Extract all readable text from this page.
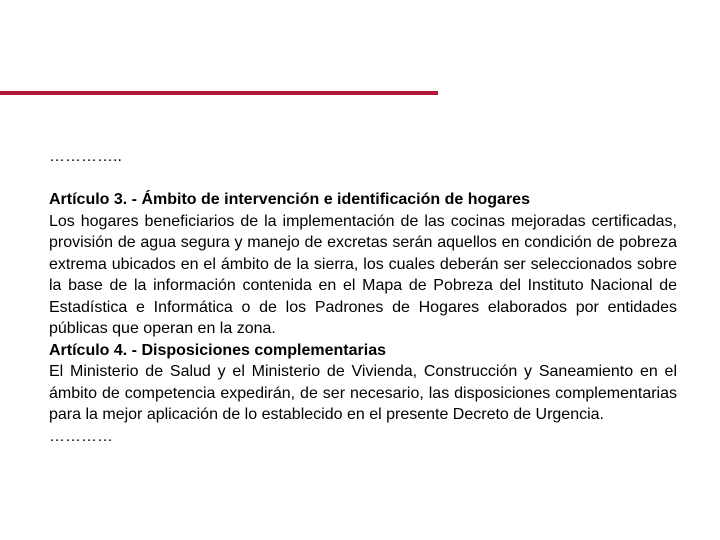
…………..

Artículo 3. - Ámbito de intervención e identificación de hogares

Los hogares beneficiarios de la implementación de las cocinas mejoradas certificadas, provisión de agua segura y manejo de excretas serán aquellos en condición de pobreza extrema ubicados en el ámbito de la sierra, los cuales deberán ser seleccionados sobre la base de la información contenida en el Mapa de Pobreza del Instituto Nacional de Estadística e Informática o de los Padrones de Hogares elaborados por entidades públicas que operan en la zona.

Artículo 4. - Disposiciones complementarias

El Ministerio de Salud y el Ministerio de Vivienda, Construcción y Saneamiento en el ámbito de competencia expedirán, de ser necesario, las disposiciones complementarias para la mejor aplicación de lo establecido en el presente Decreto de Urgencia.

…………
